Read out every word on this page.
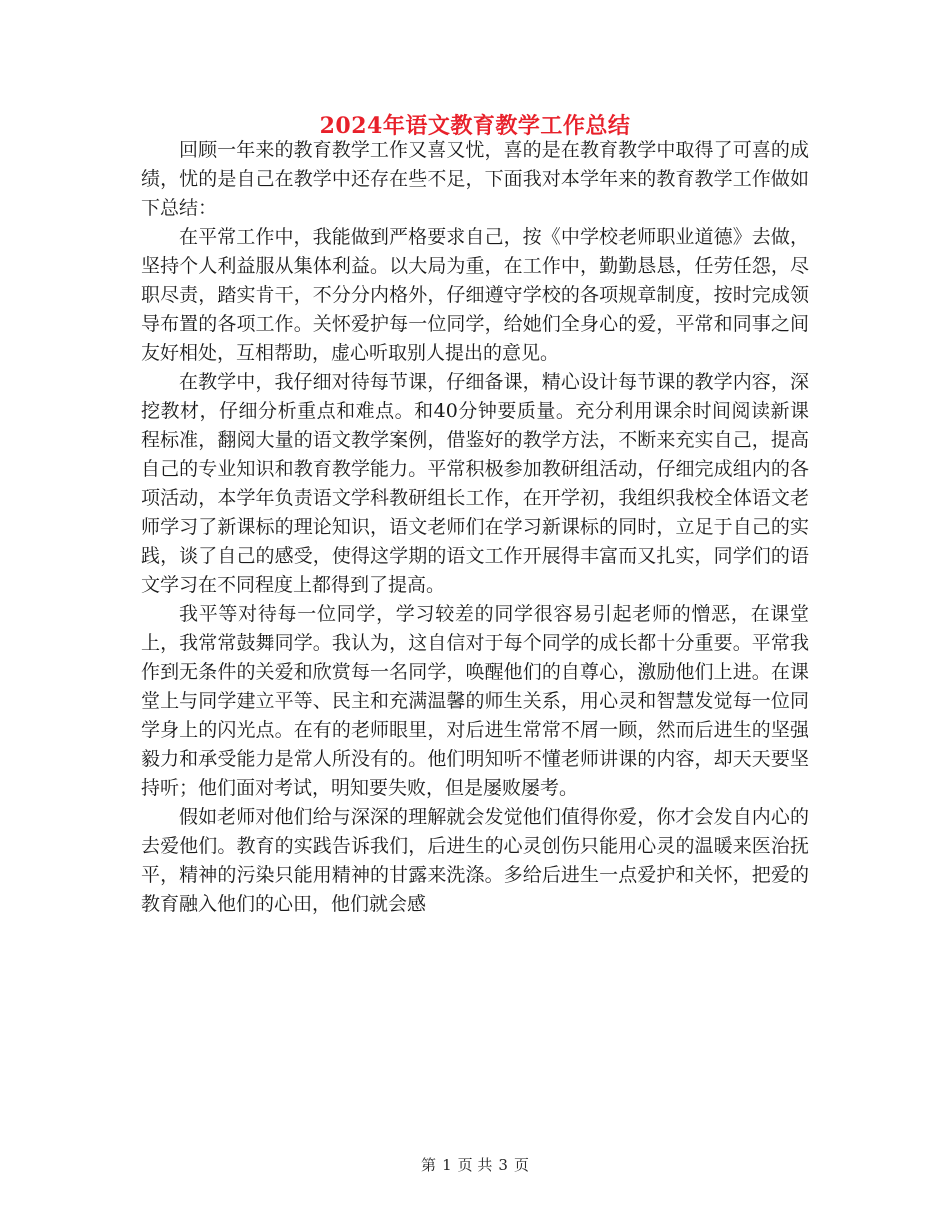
2024年语文教育教学工作总结

回顾一年来的教育教学工作又喜又忧，喜的是在教育教学中取得了可喜的成绩，忧的是自己在教学中还存在些不足，下面我对本学年来的教育教学工作做如下总结：

在平常工作中，我能做到严格要求自己，按《中学校老师职业道德》去做，坚持个人利益服从集体利益。以大局为重，在工作中，勤勤恳恳，任劳任怨，尽职尽责，踏实肯干，不分分内格外，仔细遵守学校的各项规章制度，按时完成领导布置的各项工作。关怀爱护每一位同学，给她们全身心的爱，平常和同事之间友好相处，互相帮助，虚心听取别人提出的意见。

在教学中，我仔细对待每节课，仔细备课，精心设计每节课的教学内容，深挖教材，仔细分析重点和难点。和40分钟要质量。充分利用课余时间阅读新课程标准，翻阅大量的语文教学案例，借鉴好的教学方法，不断来充实自己，提高自己的专业知识和教育教学能力。平常积极参加教研组活动，仔细完成组内的各项活动，本学年负责语文学科教研组长工作，在开学初，我组织我校全体语文老师学习了新课标的理论知识，语文老师们在学习新课标的同时，立足于自己的实践，谈了自己的感受，使得这学期的语文工作开展得丰富而又扎实，同学们的语文学习在不同程度上都得到了提高。

我平等对待每一位同学，学习较差的同学很容易引起老师的憎恶，在课堂上，我常常鼓舞同学。我认为，这自信对于每个同学的成长都十分重要。平常我作到无条件的关爱和欣赏每一名同学，唤醒他们的自尊心，激励他们上进。在课堂上与同学建立平等、民主和充满温馨的师生关系，用心灵和智慧发觉每一位同学身上的闪光点。在有的老师眼里，对后进生常常不屑一顾，然而后进生的坚强毅力和承受能力是常人所没有的。他们明知听不懂老师讲课的内容，却天天要坚持听；他们面对考试，明知要失败，但是屡败屡考。

假如老师对他们给与深深的理解就会发觉他们值得你爱，你才会发自内心的去爱他们。教育的实践告诉我们，后进生的心灵创伤只能用心灵的温暖来医治抚平，精神的污染只能用精神的甘露来洗涤。多给后进生一点爱护和关怀，把爱的教育融入他们的心田，他们就会感

第 1 页 共 3 页
